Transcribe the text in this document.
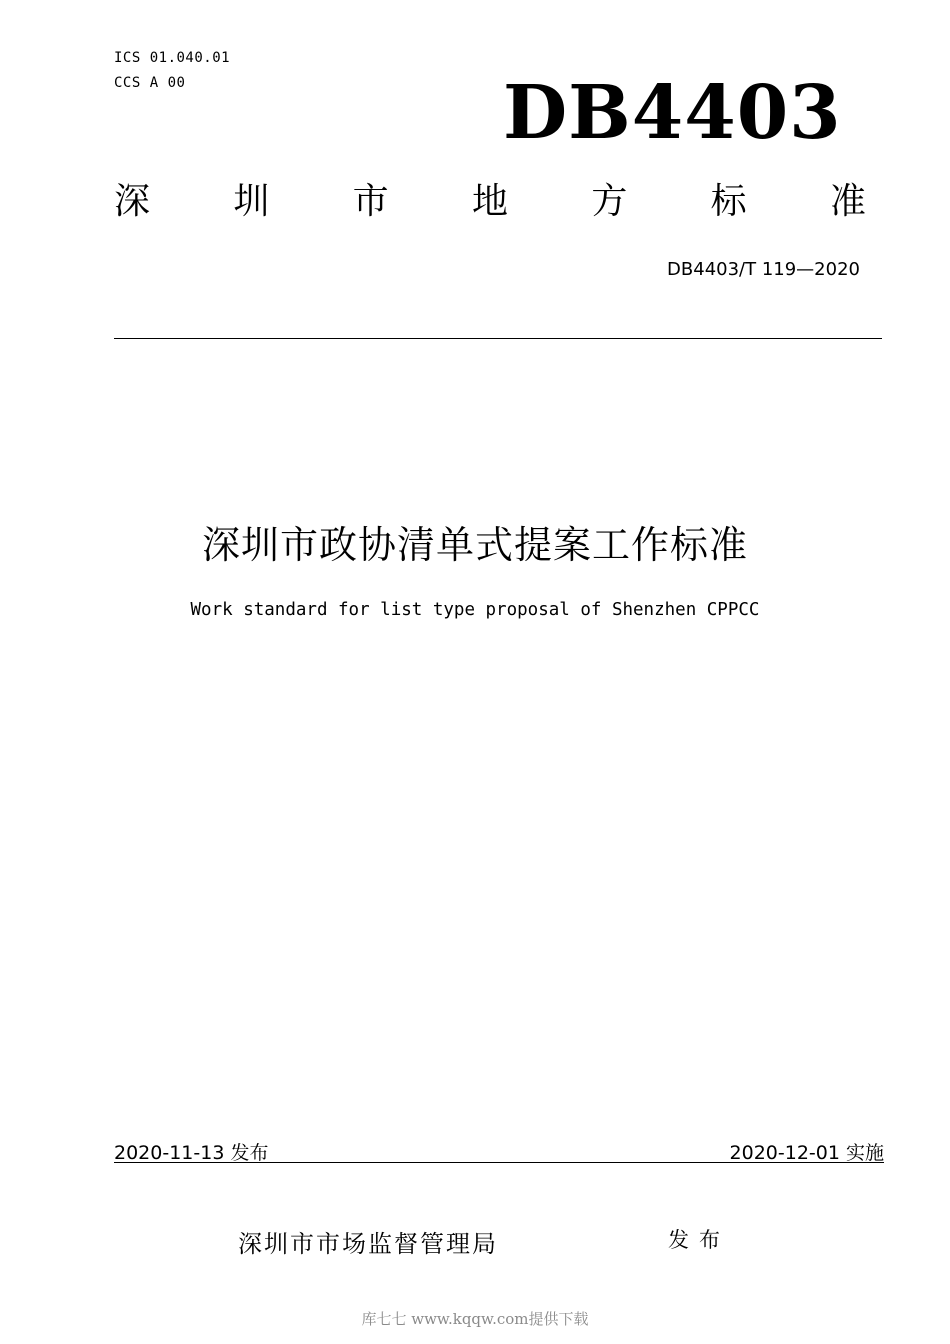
ICS 01.040.01
CCS A 00	DB4403
深 圳 市 地 方 标 准
DB4403/T 119—2020
深圳市政协清单式提案工作标准
Work standard for list type proposal of Shenzhen CPPCC
2020-11-13 发布	2020-12-01 实施
深圳市市场监督管理局	发布
库七七 www.kqqw.com提供下载
